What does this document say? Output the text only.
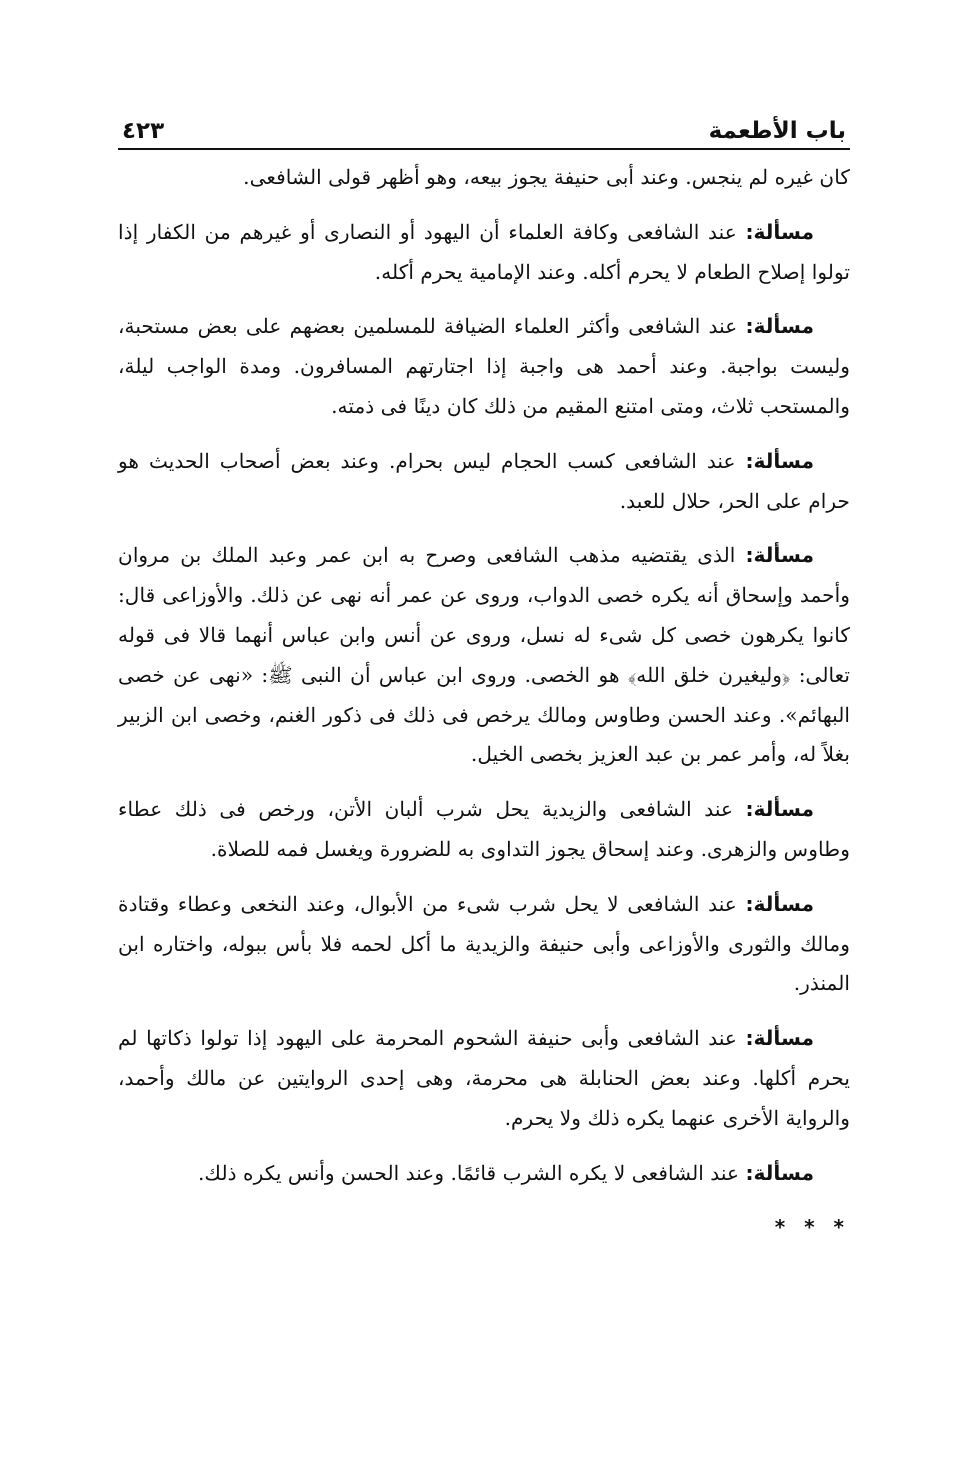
باب الأطعمة
٤٢٣

كان غيره لم ينجس. وعند أبى حنيفة يجوز بيعه، وهو أظهر قولى الشافعى.

مسألة: عند الشافعى وكافة العلماء أن اليهود أو النصارى أو غيرهم من الكفار إذا تولوا إصلاح الطعام لا يحرم أكله. وعند الإمامية يحرم أكله.

مسألة: عند الشافعى وأكثر العلماء الضيافة للمسلمين بعضهم على بعض مستحبة، وليست بواجبة. وعند أحمد هى واجبة إذا اجتارتهم المسافرون. ومدة الواجب ليلة، والمستحب ثلاث، ومتى امتنع المقيم من ذلك كان دينًا فى ذمته.

مسألة: عند الشافعى كسب الحجام ليس بحرام. وعند بعض أصحاب الحديث هو حرام على الحر، حلال للعبد.

مسألة: الذى يقتضيه مذهب الشافعى وصرح به ابن عمر وعبد الملك بن مروان وأحمد وإسحاق أنه يكره خصى الدواب، وروى عن عمر أنه نهى عن ذلك. والأوزاعى قال: كانوا يكرهون خصى كل شىء له نسل، وروى عن أنس وابن عباس أنهما قالا فى قوله تعالى: ﴿وليغيرن خلق الله﴾ هو الخصى. وروى ابن عباس أن النبى ﷺ: «نهى عن خصى البهائم». وعند الحسن وطاوس ومالك يرخص فى ذلك فى ذكور الغنم، وخصى ابن الزبير بغلاً له، وأمر عمر بن عبد العزيز بخصى الخيل.

مسألة: عند الشافعى والزيدية يحل شرب ألبان الأتن، ورخص فى ذلك عطاء وطاوس والزهرى. وعند إسحاق يجوز التداوى به للضرورة ويغسل فمه للصلاة.

مسألة: عند الشافعى لا يحل شرب شىء من الأبوال، وعند النخعى وعطاء وقتادة ومالك والثورى والأوزاعى وأبى حنيفة والزيدية ما أكل لحمه فلا بأس ببوله، واختاره ابن المنذر.

مسألة: عند الشافعى وأبى حنيفة الشحوم المحرمة على اليهود إذا تولوا ذكاتها لم يحرم أكلها. وعند بعض الحنابلة هى محرمة، وهى إحدى الروايتين عن مالك وأحمد، والرواية الأخرى عنهما يكره ذلك ولا يحرم.

مسألة: عند الشافعى لا يكره الشرب قائمًا. وعند الحسن وأنس يكره ذلك.

* * *
